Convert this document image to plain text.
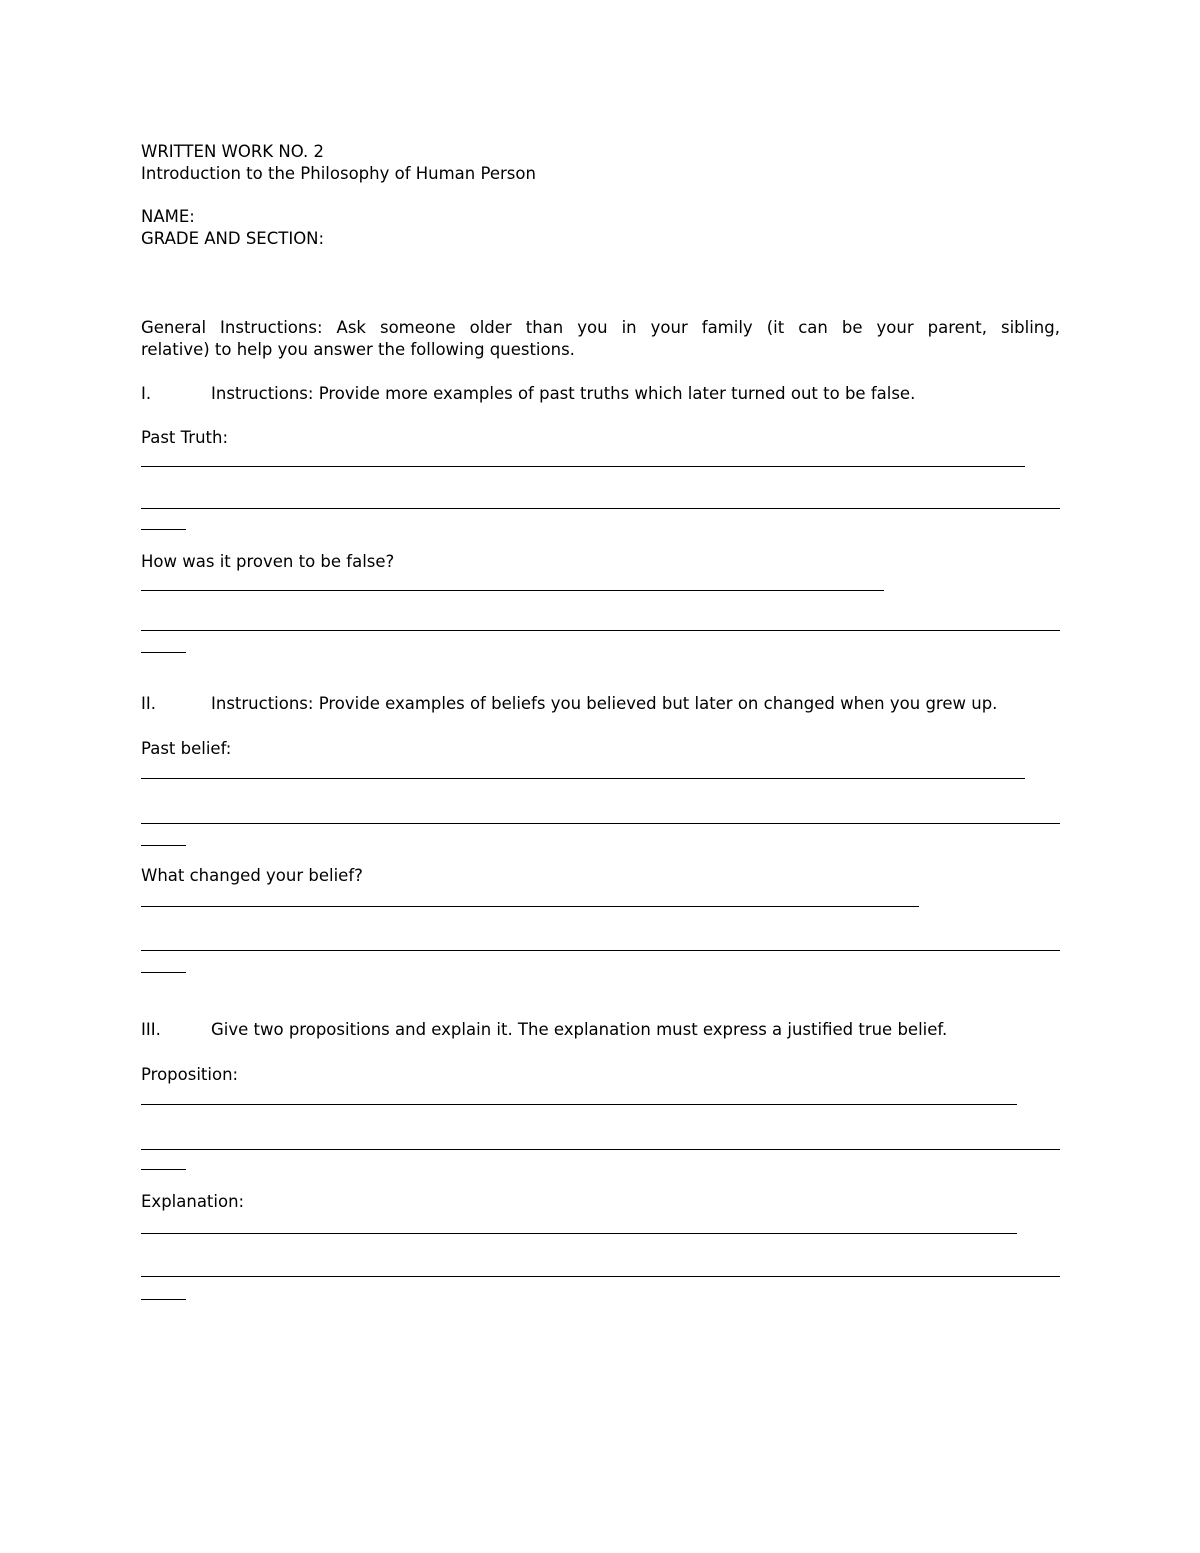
WRITTEN WORK NO. 2
Introduction to the Philosophy of Human Person
NAME:
GRADE AND SECTION:

General Instructions: Ask someone older than you in your family (it can be your parent, sibling,

relative) to help you answer the following questions.

I.	Instructions: Provide more examples of past truths which later turned out to be false.
Past Truth:
How was it proven to be false?
II.	Instructions: Provide examples of beliefs you believed but later on changed when you grew up.
Past belief:
What changed your belief?
III.	Give two propositions and explain it. The explanation must express a justified true belief.
Proposition:
Explanation:
